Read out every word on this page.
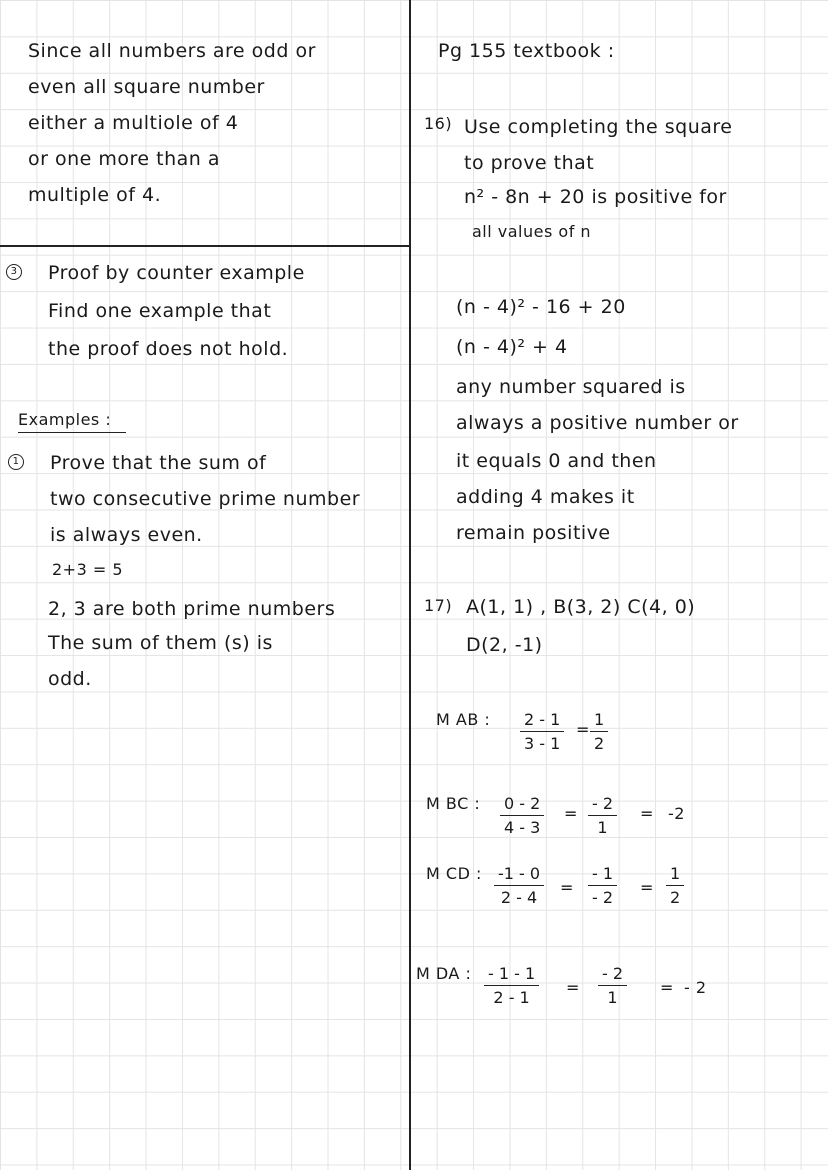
Since all numbers are odd or
even all square number
either a multiole of 4
or one more than a
multiple of 4.
3 Proof by counter example
Find one example that
the proof does not hold.
Examples :
1 Prove that the sum of
two consecutive prime number
is always even.
2+3 = 5
2, 3 are both prime numbers
The sum of them (s) is
odd.
Pg 155 textbook :
16) Use completing the square
to prove that
n² - 8n + 20 is positive for
all values of n
(n - 4)² - 16 + 20
(n - 4)² + 4
any number squared is
always a positive number or
it equals 0 and then
adding 4 makes it
remain positive
17) A(1, 1) , B(3, 2) C(4, 0)
D(2, -1)
M AB : $\frac{2 - 1}{3 - 1} = \frac{1}{2}$
M BC : $\frac{0 - 2}{4 - 3} = \frac{- 2}{1} = -2$
M CD : $\frac{-1 - 0}{2 - 4} = \frac{- 1}{- 2} = \frac{1}{2}$
M DA : $\frac{- 1 - 1}{2 - 1} = \frac{- 2}{1}$ = - 2
